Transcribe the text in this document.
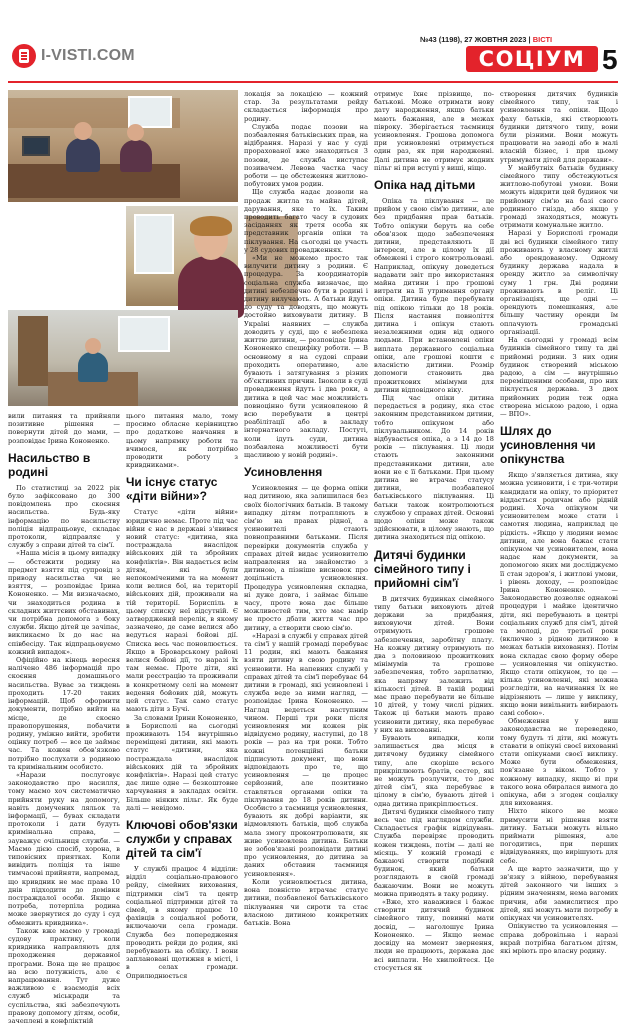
I-VISTI.COM
№43 (1198), 27 ЖОВТНЯ 2023 | ВІСТІ
СОЦІУМ 5

вили питання та прийняли позитивне рішення — повернути дітей до мами, — розповідає Ірина Кононенко.

Насильство в родині

По статистиці за 2022 рік було зафіксовано до 300 повідомлень про скоєння насильства. Будь-яку інформацію по насильству поліція відпрацьовує, складає протоколи, відправляє у службу з справи дітей та сім'ї.

«Наша місія в цьому випадку — обстежити родину на предмет взяття під супровід з приводу насильства чи не взяття, — розповідає Ірина Кононенко. — Ми визначаємо, чи знаходиться родина в складних життєвих обставинах, чи потрібна допомога з боку служби. Якщо дітей це зачіпає, викликаємо їх до нас на співбесіду. Так відпрацьовуємо кожний випадок».

Офіційно на кінець вересня налічено 486 інформацій про скоєння домашнього насильства. Вуває за тиждень проходить 17-20 таких інформацій. Щоб оформити документи, потрібно вийти на місце, де скоєно правопорушення, побачити родину, уміжно вийти, зробити оцінку потреб — все це займає час. Та кожен обов'язково потрібно послухати з родиною та кримінальним особисто.

«Нарази послуговує законодавство про насилля, тому маємо хоч систематично прийняти руку на допомогу, навіть домучених ляльок та інформації, — бувах складати протоколи і дати будуть кримінальна справа, — зауважує очільниця служби. — Маємо дією спосіб, хорона, в типовісних приятках. Коли вивідить поліція та інше тимчасові прийняти, напремад, що кривдник не має права 10 днів підходити до домівки постраждалої особи. Якщо є потреба, потерпіла родина може звернутися до суду і суд обмежить кривдника».

Також вже маємо у громаді судову практику, коли кривдника направляють для проходження державної програми. Вона ще не працює на всю потужність, але є напрацювання. Тут дуже важливою є взаємодія всіх служб міськради та суспільства, які забезпечують правову допомогу дітям, особи, зачеплені в конфліктній

цього питання мало, тому просимо обласне керівництво про додаткове навчання в цьому напрямку роботи та вчимося, як потрібно проводити роботу з кривдниками».

Чи існує статус «діти війни»?

Статус «діти війни» юридично немає. Проте під час війни є нас в державі з'явився новий статус: «дитина, яка постраждала внаслідок військових дій та збройних конфліктів». Він надається всім дітям, які були непокоміченими та на момент коли велися бої, на території військових дій, проживали на тій території. Бориспіль в цьому списку неї відсутній. Є затверджений перелік, в якому зазначено, де саме велися або ведуться наразі бойові дії. Списка весь час поновлюється. Якщо в Броварському районі велися бойові дії, то наразі їх там немає. Проте діти, які мали реєстрацію та проживали в конкретному селі на момент ведення бойових дій, можуть цей статус. Так само статус мають діти з Бучі.

За словами Ірини Кононенко, в Борисполі на сьогодні проживають 154 внутрішньо переміщені дитини, які мають статус «дитини, яка постраждала внаслідок військових дій та збройних конфліктів». Наразі цей статус дає лише одне — безкоштовне харчування в закладах освіти. Більше ніяких пільг. Як буде далі — невідомо.

Ключові обов'язки служби у справах дітей та сім'ї

У службі працює 4 відділи: відділ соціально-правового рейду, сімейних виховання, підтримки сім'ї та центр соціальної підтримки дітей та сімей, в якому працює 10 фахівців з соціальної роботи, включаючи села громади. Служба без попередження проводить рейди до родин, які перебувають на обліку. І вони заплановані щотижня в місті, і в селах громади. Оприлюднюється

локація за локацією — кожний стар. За результатами рейду складається інформація про родину.

Служба подає позови на позбавлення батьківських прав, на відібрання. Наразі у нас у суді прорахованої вже знаходиться 3 позови, де служба виступає позивачем. Левова частка часу роботи — це обстеження житлово-побутових умов родин.

Ще служба надає дозволи на продаж житла та майна дітей, дарування, яке то їх. Таким проводить багато часу в судових засіданнях як третя особа як представник органів опіки та піклування. На сьогодні це участь у 28 судових провадженнях.

«Ми не можемо просто так вилучити дитину з родини. Є процедура. За координаторів соціальна служба визначає, що дитині небезпечно бути в родині і дитину вилучають. А батьки йдуть до суду та доводять, що можуть достойно виховувати дитину. В Україні наявних — служба доводить у суді, що є небезпека життю дитини, — розповідає Ірина Кононенко специфіку роботи. — В основному я на судові справи проходить оперативно, але бувають і затягування з різних об'єктивних причин. Іноколи в суді провадження йдуть і два роки, а дитина в цей час має можливість повноцінно бути усиновленою й всю перебувати в центрі реабілітації або в закладу інтернатного закладу. Постуті, коли ідуть суди, дитина позбавлена можливості бути щасливою у новій родині».

Усиновлення

Усиновлення — це форма опіки над дитиною, яка залишилася без своїх біологічних батьків. В такому випадку дітям потрапляють в сім'ю на правах рідної, а усиновителі стають повноправними батьками. Після перевірки документів служба у справах дітей видає усиновителю направлення на знайомство з дитиною, а пізніше висновок про доцільність усиновлення. Процедура усиновлення складна, ні дуже довга, і займає більше часу, проте вона дає більше можливостей тим, хто має намір не просто дбати життя час про дитину, а створити свою сім'ю.

«Наразі в службі у справах дітей та сім'ї у нашій громаді перебуває 11 родин, які мають бажання взяти дитину в свою родину та усиновити. На напевних службі у справах дітей та сім'ї перебуває 64 дитини в громаді, які усиновлені і служба веде за ними нагляд, — розповідає Ірина Кононенко. — Наглад ведеться наступним чином. Перші три роки після усиновлення ми кожен рік відвідуємо родину, наступні, до 18 років — раз на три роки. Тобто кожні потенційні батьки підписують документ, що вони відповідають про те, що усиновлення — це процес серйозний, але позитивно ставляться органами опіки та піклування до 18 років дитини. Особисто з таємниця усиновлення, бувають як добрі варіанти, як відмовляють батьків, щоб служба мала змогу проконтролювати, як живе усиновлена дитина. Батьки не зобов'язані розповідати дитині про усиновлення, до дитина за даних обставин таємниця усиновлення».

Коли усиновлюється дитина, вона повністю втрачає статус дитини, позбавленої батьківського піклування чи сироти та стає власною дитиною конкретних батьків. Вона

отримує їхнє прізвище, по-батькові. Може отримати нову дату народження, якщо батьки мають бажання, але в межах півроку. Зберігається таємниця усиновлення. Грошова допомога при усиновленні отримується один раз, як при народженні. Далі дитина не отримує жодних пільг ні при вступі у виші, ніщо.

Опіка над дітьми

Опіка та піклування — це прийом у свою сім'ю дитини, але без придбання прав батьків. Тобто опікуни беруть на себе обов'язок щодо забезпечення дитини, представляють її інтереси, але в цілому їх дії обмежені і строго контрольовані. Наприклад, опікуну доведеться надавати звіт про використання майна дитини і про грошові витрати на її утримання органу опіки. Дитина буде перебувати під опікою тільки до 18 років. Після настання повноліття дитина і опікун стають незалежними один від одного людьми. При встановлені опіки виплата державного соціальна опіки, але грошові кошти є власністю дитини. Розмір допомоги становить два прожиткових мінімуми для дитини відповідного віку.

Під час опіки дитина передається в родину, яка стає законним представником дитини, тобто опікуном або піклувальником. До 14 років відбувається опіка, а з 14 до 18 років — піклування. Ці люди стають законними представниками дитини, але вони не є її батьками. При цьому дитина не втрачає статусу дитини, позбавленої батьківського піклування. Ці батьки також контролюються службою у справах дітей. Основні щодо опіки може також здійснювати, в цілому знають, що дитина знаходиться під опікою.

Дитячі будинки сімейного типу і прийомні сім'ї

В дитячих будинках сімейного типу батьки виховують дітей держави за придбання, виховуючи дітей. Вони отримують грошове забезпечення, заробітну плату. На кожну дитину отримують по два з половиною прожиткових мінімумів та грошове забезпечення, тобто зарплатню, яка напряму залежить від кількості дітей. В такій родині має право перебувати не більше 10 дітей, у тому числі рідних. Також ці батьки мають право усиновити дитину, яка перебуває у них на вихованні.

Бувають випадки, коли залишається два місця в дитячому будинку сімейного типу, але скоріше всього прикріплюють братів, сестер, які не можуть розлучити, то двоє дітей сім'ї, яка перебуває в цілому в сім'ю, бувають дітей і одна дитина прикріплюється.

Дитячі будинки сімейного типу весь час під наглядом служби. Складається графік відвідувань. Служба перевіряє проводить кожен тиждень, потім — далі не місяць. У кожній громаді є бажаючі створити подібний будинок, який батьки розглядають в своїй громаді бажаючим. Вони не можуть можна приводять в таку родину.

«Вже, хто наважився і бажає створити дитячий будинок сімейного типу, повинні мати досвід, — наголошує Ірина Кононенко. — Якщо немає досвіду на момент звернення, люди не працюють, держава дає всі виплати. Не хвилюйтеся. Це стосується як

створення дитячих будинків сімейного типу, так і усиновлення та опіки. Щодо фаху батьків, які створюють будинки дитячого типу, вони були різними. Вони можуть працювати на заводі або в малі власній бізнес, і при цьому утримувати дітей для держави».

У майбутніх батьків будинку сімейного типу обстежуються житлово-побутові умови. Вони можуть відкрити цей будинок чи прийомну сім'ю на базі свого родинного гнізда, або якщо у громаді знаходяться, можуть отримати комунальне житло.

Наразі у Борисполі громади дві всі будинки сімейного типу проживають у власному житлі або орендованому. Одному будинку держава надала в оренду житло за символічну суму 1 грн. Дві родини проживають в реліг. Ці організаціях, ще одні — орендують помешкання, але більшу частину оренди їм оплачують громадські організації.

На сьогодні у громаді всім будинків сімейного типу та дві прийомні родини. З них один будинок створений міською радою, а сім — внутрішньо переміщеними особами, про них піклується держава. З двох прийомних родин теж одна створена міською радою, і одна — ВПО».

Шлях до усиновлення чи опікунства

Якщо з'являється дитина, яку можна усиновити, і є три-чотири кандидати на опіку, то пріоритет віддається родичам або рідній родині. Хоча опікуном чи усиновителем може стати і самотня людина, наприклад це рідкість. «Якщо у людини немає дитини, але вона бажає стати опікуном чи усиновителем, вона надає нам документи, за допомогою яких ми досліджуємо її стан здоров'я, і житлові умови, і рівень доходу, — розповідає Ірина Кононенко. — Законодавство дозволяє однакові процедури і майже ідентично діти, які перебувають в центрі соціальних служб для сім'ї, дітей та молоді, до третьої роки (включно з рідною дитиною в межах батьків виховання). Потім вона складає свою форму обере — усиновлення чи опікунство. Якщо стати опікуном, то це — кілька усиновленні, які можна розгледіти, на начинання їх не відрізняють — лише у виклику, якщо вони вивільнить вибирають самі собою».

Обмеження у виш законодавства не переведено, тому будуть ті діти, які можуть ставати в опікуні своєї вихованні стати опікунами своєї виклику. Може бути обмеження, пов'язане з віком. Тобто у кожному випадку, якщо ві при такого вона обиралася вимога до опікуна, аби з згоден соціалку для виховання.

Ніхто нікого не може примусити ні рішення взяти дитину. Батьки можуть вільно приймати рішення, але погодитись, при перших відвідуваннях, що вирішують для себе.

А ще варто зазначити, що у зв'язку з війною, перебування дітей законного чи інших з рідним значенням, нема вагомих причин, аби замислитися про дітей, які можуть мати потребу в опікунах чи усиновителях.

Опікунство та усиновлення — справа добровільна і наразі вкрай потрібна багатьом дітям, які мріють про власну родину.
